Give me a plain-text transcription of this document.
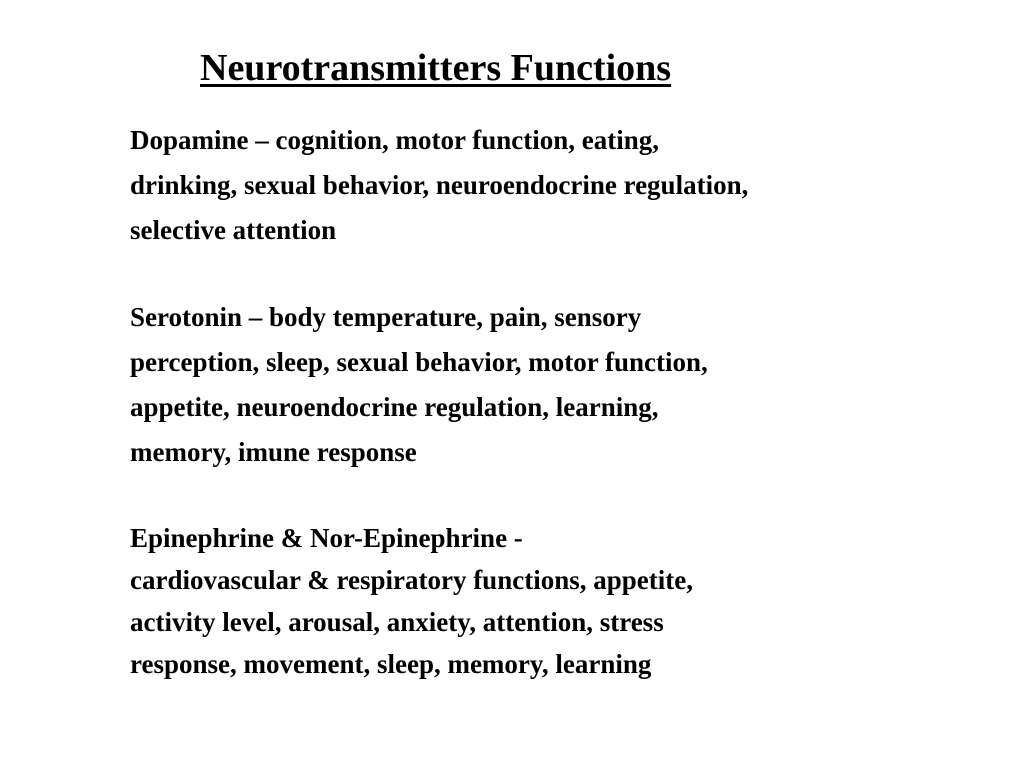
Neurotransmitters Functions
Dopamine – cognition, motor function, eating,
drinking, sexual behavior, neuroendocrine regulation,
selective attention
Serotonin – body temperature, pain, sensory
perception, sleep, sexual behavior, motor function,
appetite, neuroendocrine regulation, learning,
memory, imune response
Epinephrine & Nor-Epinephrine -
cardiovascular & respiratory functions, appetite,
activity level, arousal, anxiety, attention, stress
response, movement, sleep, memory, learning
